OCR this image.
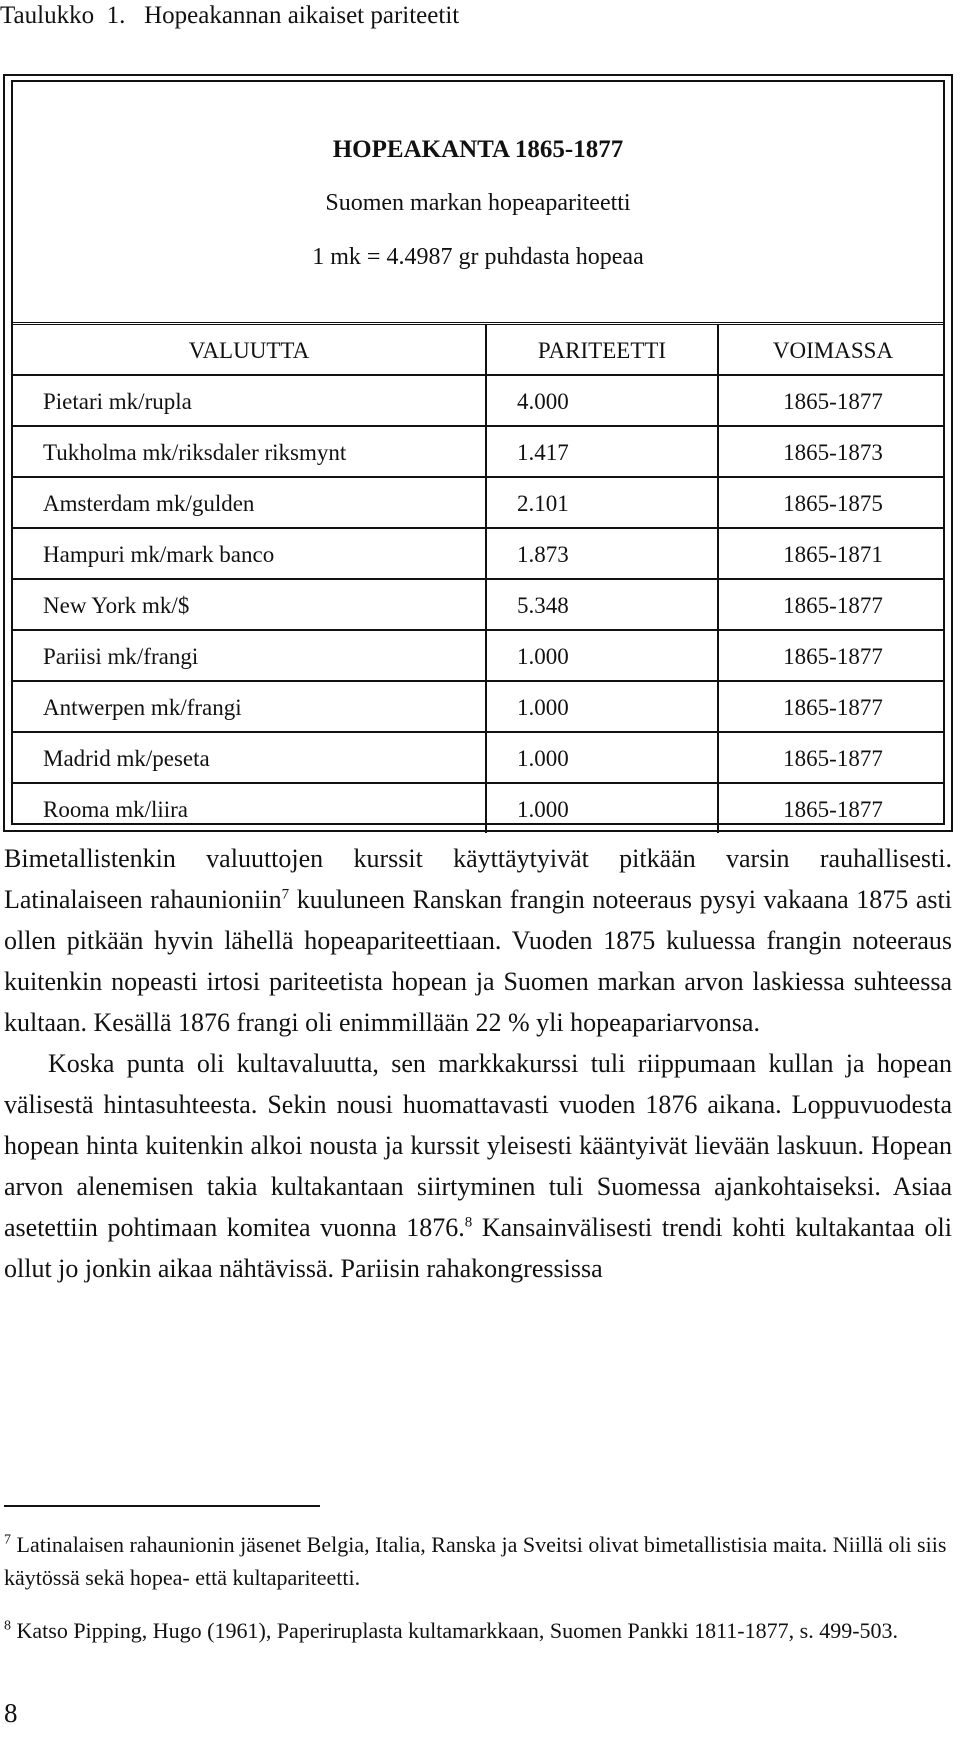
Taulukko  1. Hopeakannan aikaiset pariteetit
HOPEAKANTA 1865-1877
Suomen markan hopeapariteetti
1 mk = 4.4987 gr puhdasta hopeaa
VALUUTTA	PARITEETTI	VOIMASSA
Pietari mk/rupla	4.000	1865-1877
Tukholma mk/riksdaler riksmynt	1.417	1865-1873
Amsterdam mk/gulden	2.101	1865-1875
Hampuri mk/mark banco	1.873	1865-1871
New York mk/$	5.348	1865-1877
Pariisi mk/frangi	1.000	1865-1877
Antwerpen mk/frangi	1.000	1865-1877
Madrid mk/peseta	1.000	1865-1877
Rooma mk/liira	1.000	1865-1877

Bimetallistenkin valuuttojen kurssit käyttäytyivät pitkään varsin rauhallisesti. Latinalaiseen rahaunioniin$^7$ kuuluneen Ranskan frangin noteeraus pysyi vakaana 1875 asti ollen pitkään hyvin lähellä hopeapariteettiaan. Vuoden 1875 kuluessa frangin noteeraus kuitenkin nopeasti irtosi pariteetista hopean ja Suomen markan arvon laskiessa suhteessa kultaan. Kesällä 1876 frangi oli enimmillään 22 % yli hopeapariarvonsa.

Koska punta oli kultavaluutta, sen markkakurssi tuli riippumaan kullan ja hopean välisestä hintasuhteesta. Sekin nousi huomattavasti vuoden 1876 aikana. Loppuvuodesta hopean hinta kuitenkin alkoi nousta ja kurssit yleisesti kääntyivät lievään laskuun. Hopean arvon alenemisen takia kultakantaan siirtyminen tuli Suomessa ajankohtaiseksi. Asiaa asetettiin pohtimaan komitea vuonna 1876.$^8$ Kansainvälisesti trendi kohti kultakantaa oli ollut jo jonkin aikaa nähtävissä. Pariisin rahakongressissa

$^7$ Latinalaisen rahaunionin jäsenet Belgia, Italia, Ranska ja Sveitsi olivat bimetallistisia maita. Niillä oli siis käytössä sekä hopea- että kultapariteetti.
$^8$ Katso Pipping, Hugo (1961), Paperiruplasta kultamarkkaan, Suomen Pankki 1811-1877, s. 499-503.
8
